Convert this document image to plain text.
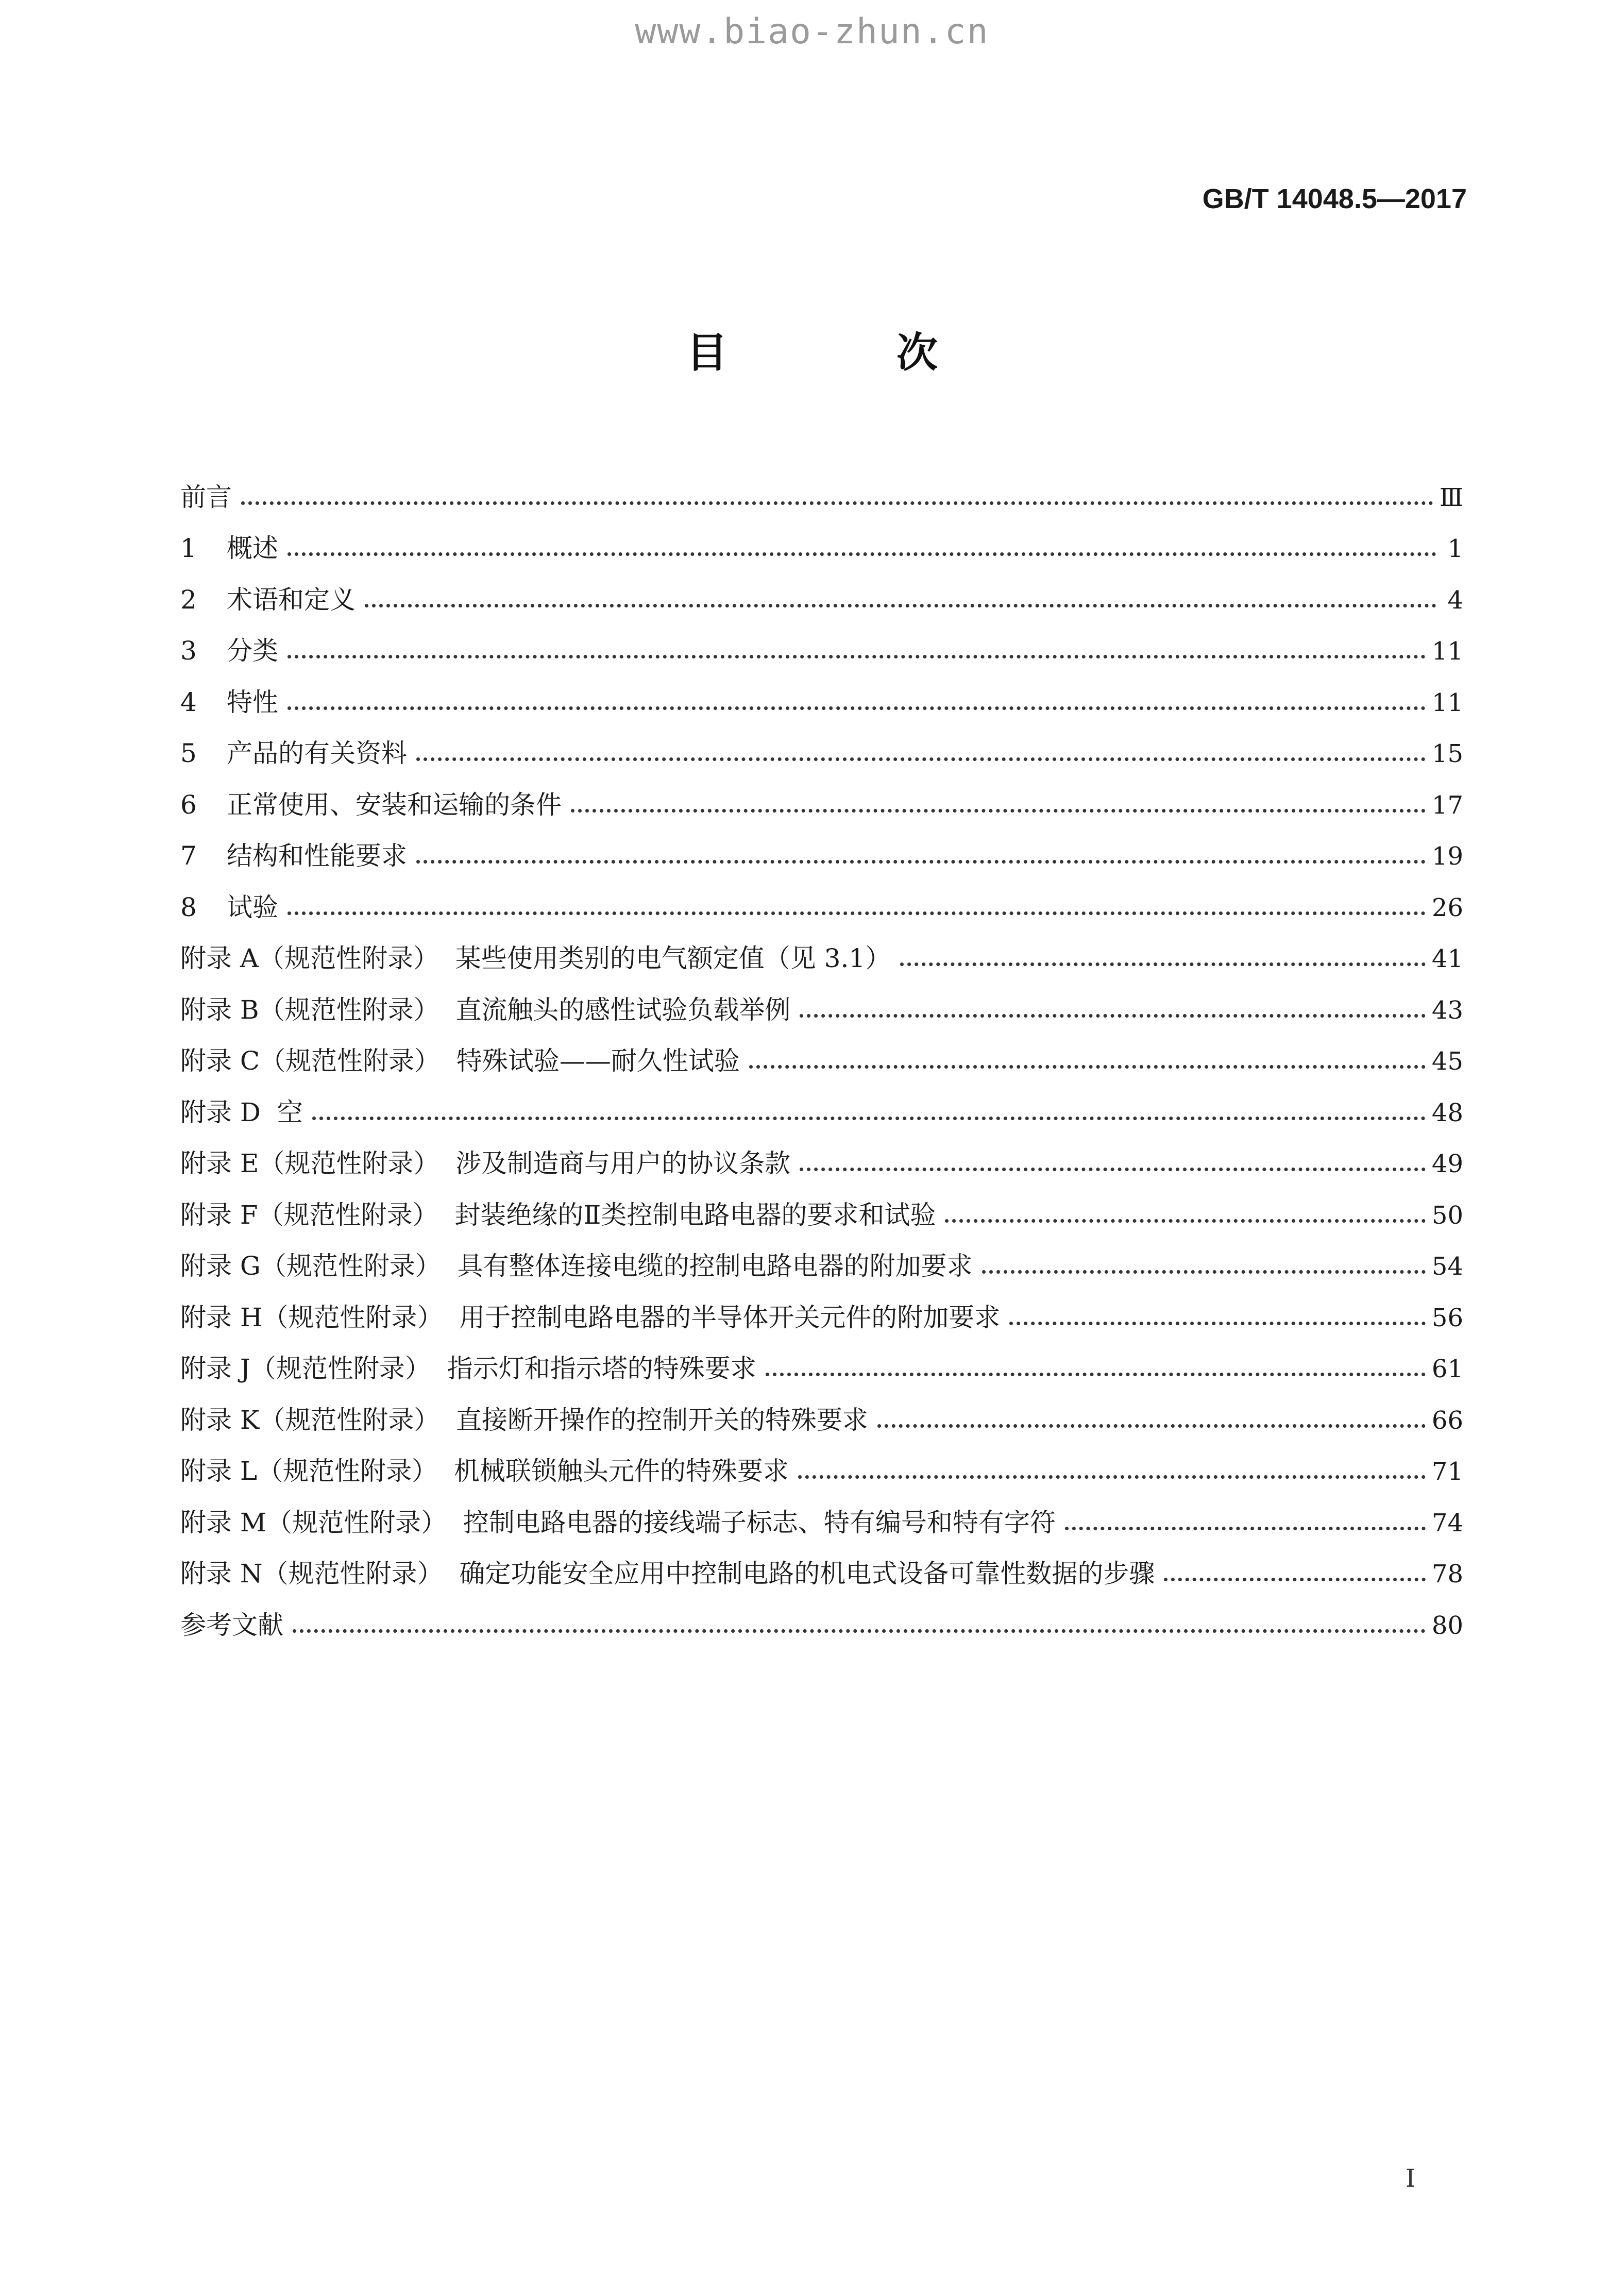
www.biao-zhun.cn
GB/T 14048.5—2017
目 次
前言	Ⅲ
1	概述	1
2	术语和定义	4
3	分类	11
4	特性	11
5	产品的有关资料	15
6	正常使用、安装和运输的条件	17
7	结构和性能要求	19
8	试验	26
附录 A（规范性附录）  某些使用类别的电气额定值（见 3.1）	41
附录 B（规范性附录）  直流触头的感性试验负载举例	43
附录 C（规范性附录）  特殊试验——耐久性试验	45
附录 D  空	48
附录 E（规范性附录）  涉及制造商与用户的协议条款	49
附录 F（规范性附录）  封装绝缘的Ⅱ类控制电路电器的要求和试验	50
附录 G（规范性附录）  具有整体连接电缆的控制电路电器的附加要求	54
附录 H（规范性附录）  用于控制电路电器的半导体开关元件的附加要求	56
附录 J（规范性附录）  指示灯和指示塔的特殊要求	61
附录 K（规范性附录）  直接断开操作的控制开关的特殊要求	66
附录 L（规范性附录）  机械联锁触头元件的特殊要求	71
附录 M（规范性附录）  控制电路电器的接线端子标志、特有编号和特有字符	74
附录 N（规范性附录）  确定功能安全应用中控制电路的机电式设备可靠性数据的步骤	78
参考文献	80
I
